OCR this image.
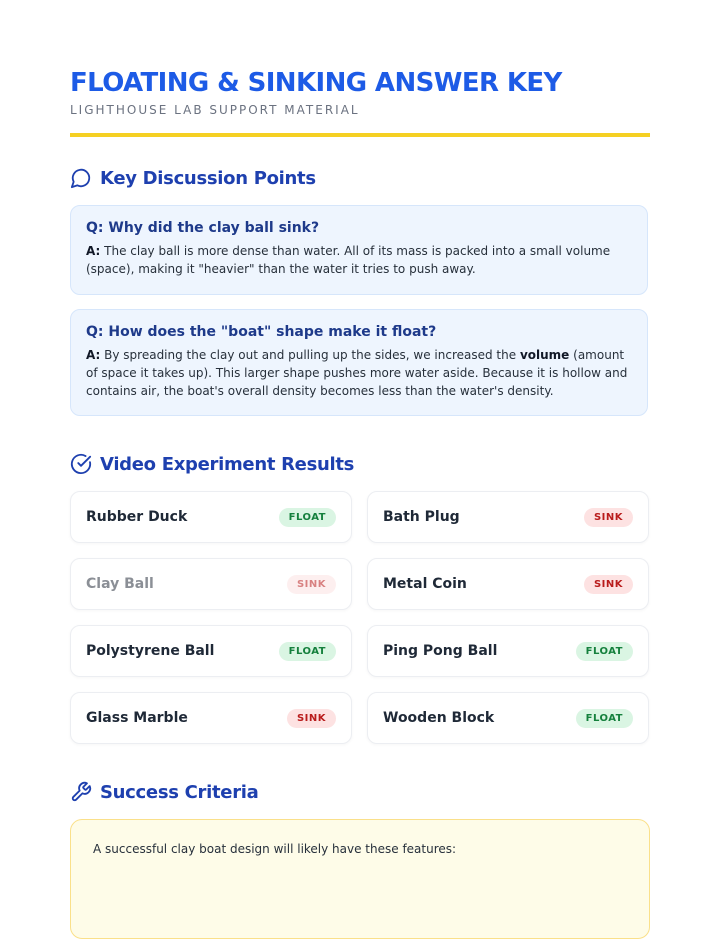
FLOATING & SINKING ANSWER KEY
LIGHTHOUSE LAB SUPPORT MATERIAL
Key Discussion Points
Q: Why did the clay ball sink?
A: The clay ball is more dense than water. All of its mass is packed into a small volume (space), making it "heavier" than the water it tries to push away.
Q: How does the "boat" shape make it float?
A: By spreading the clay out and pulling up the sides, we increased the volume (amount of space it takes up). This larger shape pushes more water aside. Because it is hollow and contains air, the boat's overall density becomes less than the water's density.
Video Experiment Results
Rubber Duck	FLOAT	Bath Plug	SINK
Clay Ball	SINK	Metal Coin	SINK
Polystyrene Ball	FLOAT	Ping Pong Ball	FLOAT
Glass Marble	SINK	Wooden Block	FLOAT
Success Criteria
A successful clay boat design will likely have these features:
